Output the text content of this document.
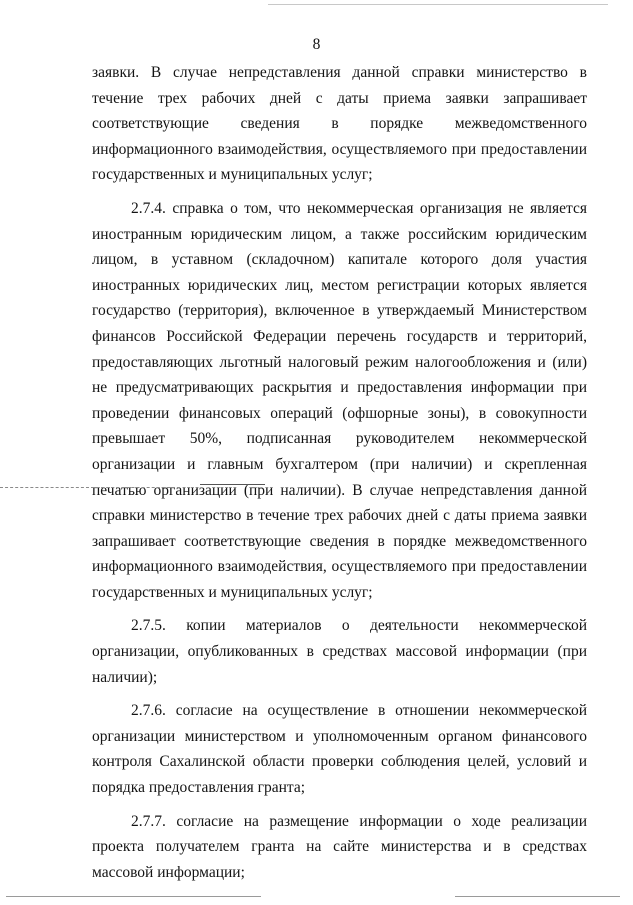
8

заявки. В случае непредставления данной справки министерство в течение трех рабочих дней с даты приема заявки запрашивает соответствующие сведения в порядке межведомственного информационного взаимодействия, осуществляемого при предоставлении государственных и муниципальных услуг;

2.7.4. справка о том, что некоммерческая организация не является иностранным юридическим лицом, а также российским юридическим лицом, в уставном (складочном) капитале которого доля участия иностранных юридических лиц, местом регистрации которых является государство (территория), включенное в утверждаемый Министерством финансов Российской Федерации перечень государств и территорий, предоставляющих льготный налоговый режим налогообложения и (или) не предусматривающих раскрытия и предоставления информации при проведении финансовых операций (офшорные зоны), в совокупности превышает 50%, подписанная руководителем некоммерческой организации и главным бухгалтером (при наличии) и скрепленная печатью организации (при наличии). В случае непредставления данной справки министерство в течение трех рабочих дней с даты приема заявки запрашивает соответствующие сведения в порядке межведомственного информационного взаимодействия, осуществляемого при предоставлении государственных и муниципальных услуг;

2.7.5. копии материалов о деятельности некоммерческой организации, опубликованных в средствах массовой информации (при наличии);

2.7.6. согласие на осуществление в отношении некоммерческой организации министерством и уполномоченным органом финансового контроля Сахалинской области проверки соблюдения целей, условий и порядка предоставления гранта;

2.7.7. согласие на размещение информации о ходе реализации проекта получателем гранта на сайте министерства и в средствах массовой информации;
